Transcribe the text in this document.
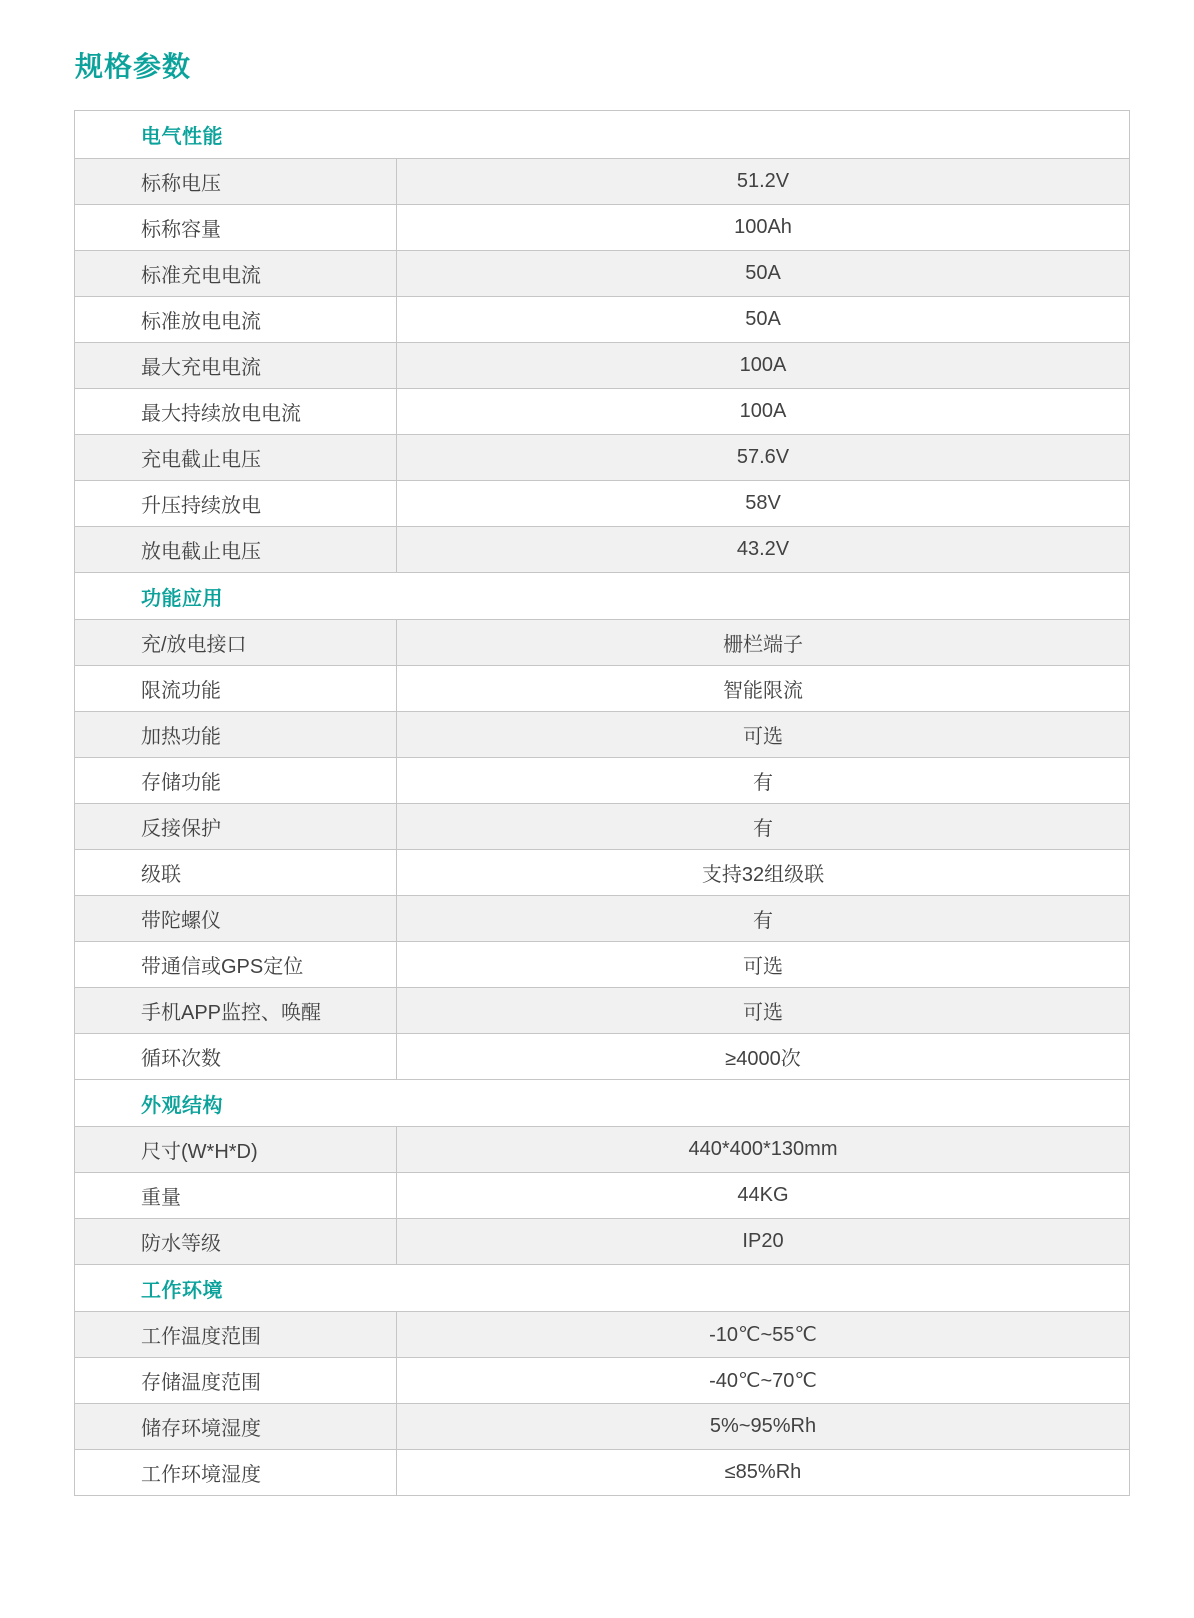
规格参数
电气性能
标称电压	51.2V
标称容量	100Ah
标准充电电流	50A
标准放电电流	50A
最大充电电流	100A
最大持续放电电流	100A
充电截止电压	57.6V
升压持续放电	58V
放电截止电压	43.2V
功能应用
充/放电接口	栅栏端子
限流功能	智能限流
加热功能	可选
存储功能	有
反接保护	有
级联	支持32组级联
带陀螺仪	有
带通信或GPS定位	可选
手机APP监控、唤醒	可选
循环次数	≥4000次
外观结构
尺寸(W*H*D)	440*400*130mm
重量	44KG
防水等级	IP20
工作环境
工作温度范围	-10℃~55℃
存储温度范围	-40℃~70℃
储存环境湿度	5%~95%Rh
工作环境湿度	≤85%Rh
